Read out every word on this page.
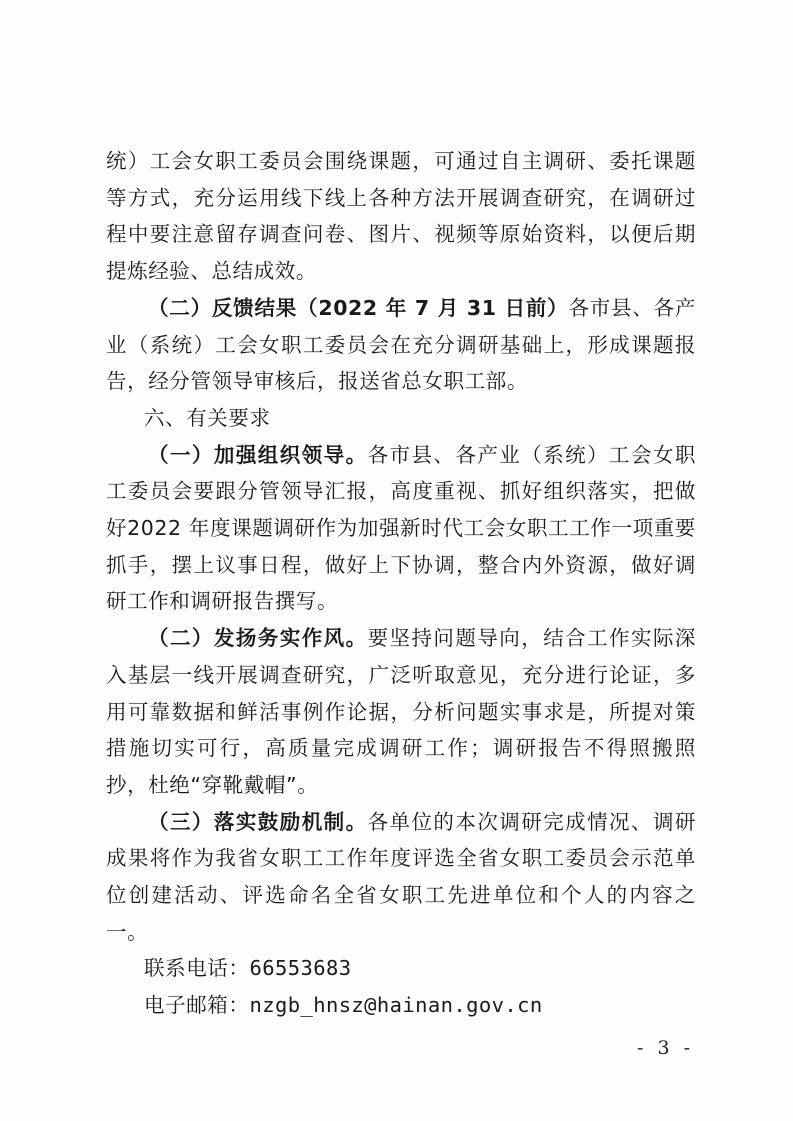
统）工会女职工委员会围绕课题，可通过自主调研、委托课题等方式，充分运用线下线上各种方法开展调查研究，在调研过程中要注意留存调查问卷、图片、视频等原始资料，以便后期提炼经验、总结成效。

（二）反馈结果（2022 年 7 月 31 日前）各市县、各产业（系统）工会女职工委员会在充分调研基础上，形成课题报告，经分管领导审核后，报送省总女职工部。

六、有关要求

（一）加强组织领导。各市县、各产业（系统）工会女职工委员会要跟分管领导汇报，高度重视、抓好组织落实，把做好2022 年度课题调研作为加强新时代工会女职工工作一项重要抓手，摆上议事日程，做好上下协调，整合内外资源，做好调研工作和调研报告撰写。

（二）发扬务实作风。要坚持问题导向，结合工作实际深入基层一线开展调查研究，广泛听取意见，充分进行论证，多用可靠数据和鲜活事例作论据，分析问题实事求是，所提对策措施切实可行，高质量完成调研工作；调研报告不得照搬照抄，杜绝“穿靴戴帽”。

（三）落实鼓励机制。各单位的本次调研完成情况、调研成果将作为我省女职工工作年度评选全省女职工委员会示范单位创建活动、评选命名全省女职工先进单位和个人的内容之一。

联系电话：66553683

电子邮箱：nzgb_hnsz@hainan.gov.cn

- 3 -
